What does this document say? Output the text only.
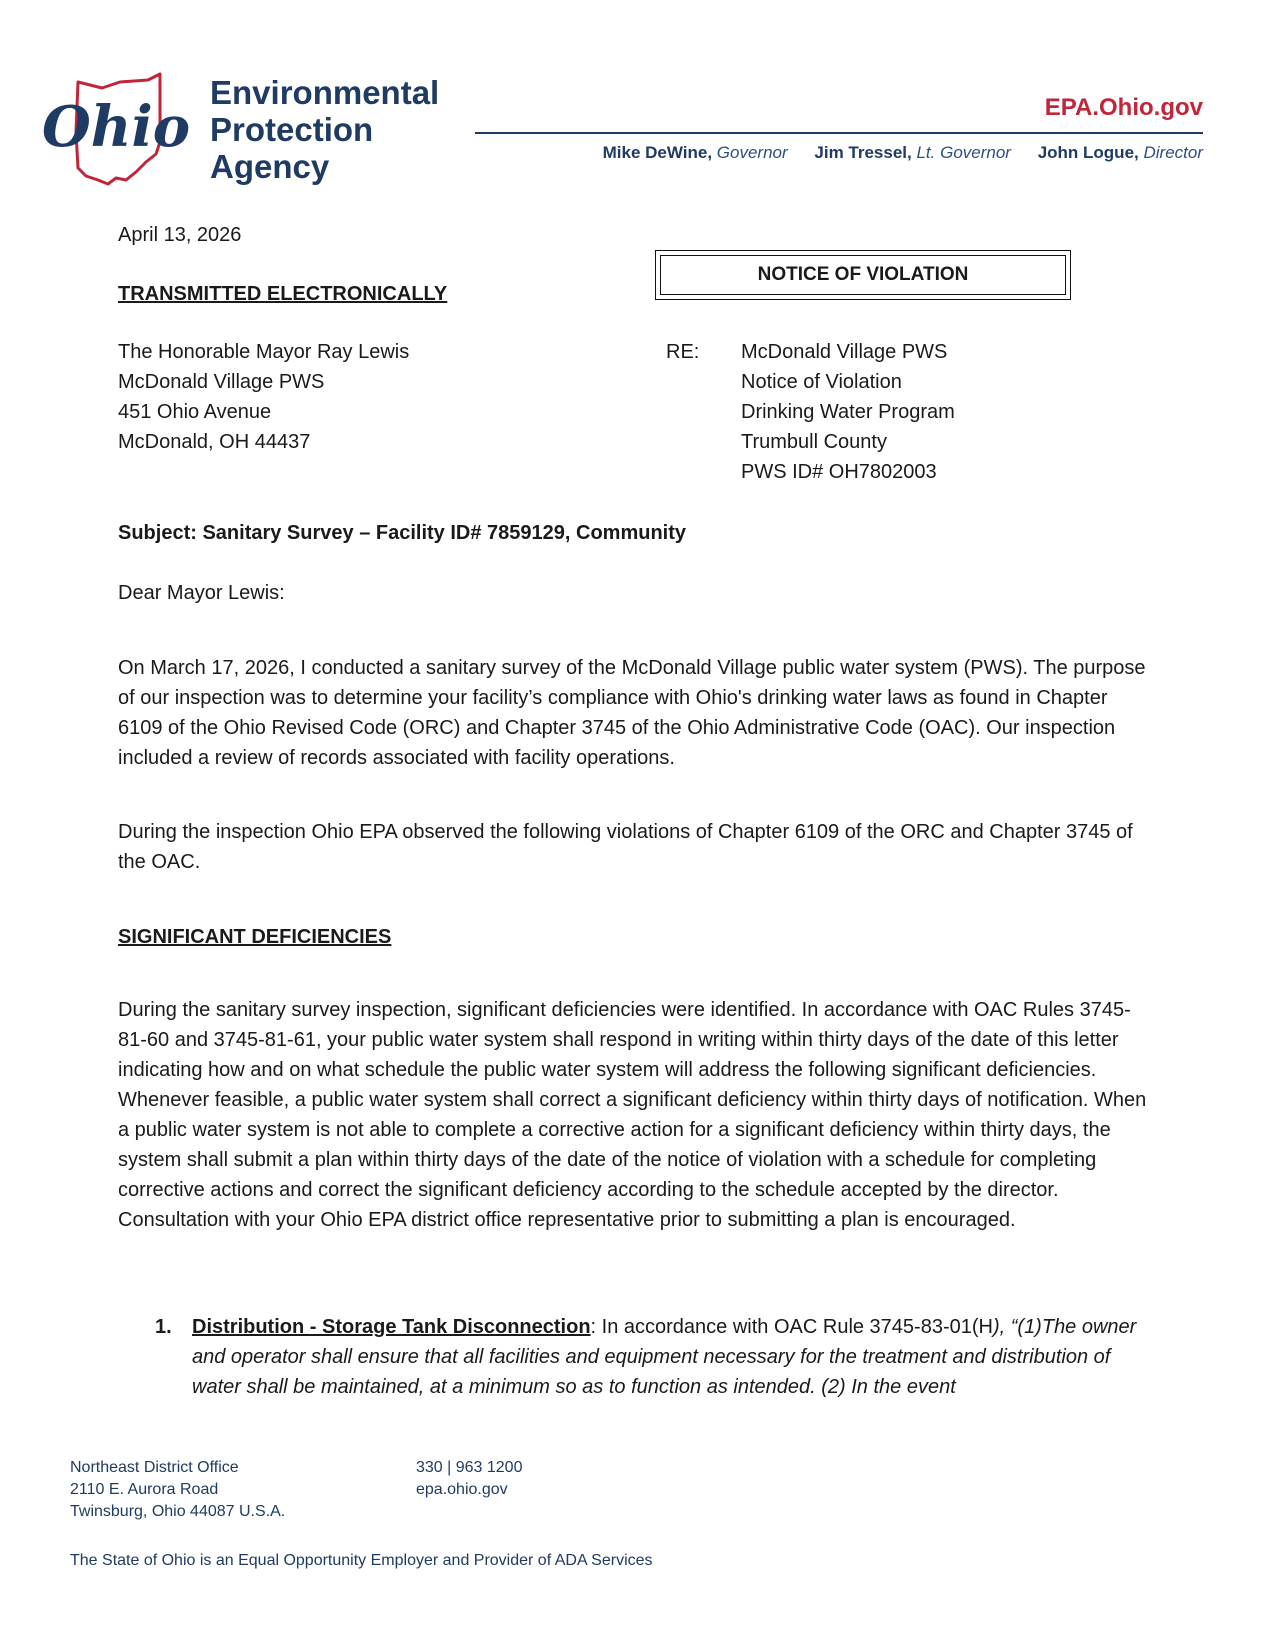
Ohio
Environmental
Protection
Agency
EPA.Ohio.gov
Mike DeWine, Governor Jim Tressel, Lt. Governor John Logue, Director
April 13, 2026
TRANSMITTED ELECTRONICALLY
NOTICE OF VIOLATION
The Honorable Mayor Ray Lewis
McDonald Village PWS
451 Ohio Avenue
McDonald, OH 44437
RE: McDonald Village PWS
Notice of Violation
Drinking Water Program
Trumbull County
PWS ID# OH7802003
Subject: Sanitary Survey – Facility ID# 7859129, Community
Dear Mayor Lewis:
On March 17, 2026, I conducted a sanitary survey of the McDonald Village public water system (PWS). The purpose of our inspection was to determine your facility’s compliance with Ohio's drinking water laws as found in Chapter 6109 of the Ohio Revised Code (ORC) and Chapter 3745 of the Ohio Administrative Code (OAC). Our inspection included a review of records associated with facility operations.
During the inspection Ohio EPA observed the following violations of Chapter 6109 of the ORC and Chapter 3745 of the OAC.
SIGNIFICANT DEFICIENCIES
During the sanitary survey inspection, significant deficiencies were identified. In accordance with OAC Rules 3745-81-60 and 3745-81-61, your public water system shall respond in writing within thirty days of the date of this letter indicating how and on what schedule the public water system will address the following significant deficiencies. Whenever feasible, a public water system shall correct a significant deficiency within thirty days of notification. When a public water system is not able to complete a corrective action for a significant deficiency within thirty days, the system shall submit a plan within thirty days of the date of the notice of violation with a schedule for completing corrective actions and correct the significant deficiency according to the schedule accepted by the director. Consultation with your Ohio EPA district office representative prior to submitting a plan is encouraged.
1. Distribution - Storage Tank Disconnection: In accordance with OAC Rule 3745-83-01(H), “(1)The owner and operator shall ensure that all facilities and equipment necessary for the treatment and distribution of water shall be maintained, at a minimum so as to function as intended. (2) In the event
Northeast District Office
2110 E. Aurora Road
Twinsburg, Ohio 44087 U.S.A.
330 | 963 1200
epa.ohio.gov
The State of Ohio is an Equal Opportunity Employer and Provider of ADA Services
